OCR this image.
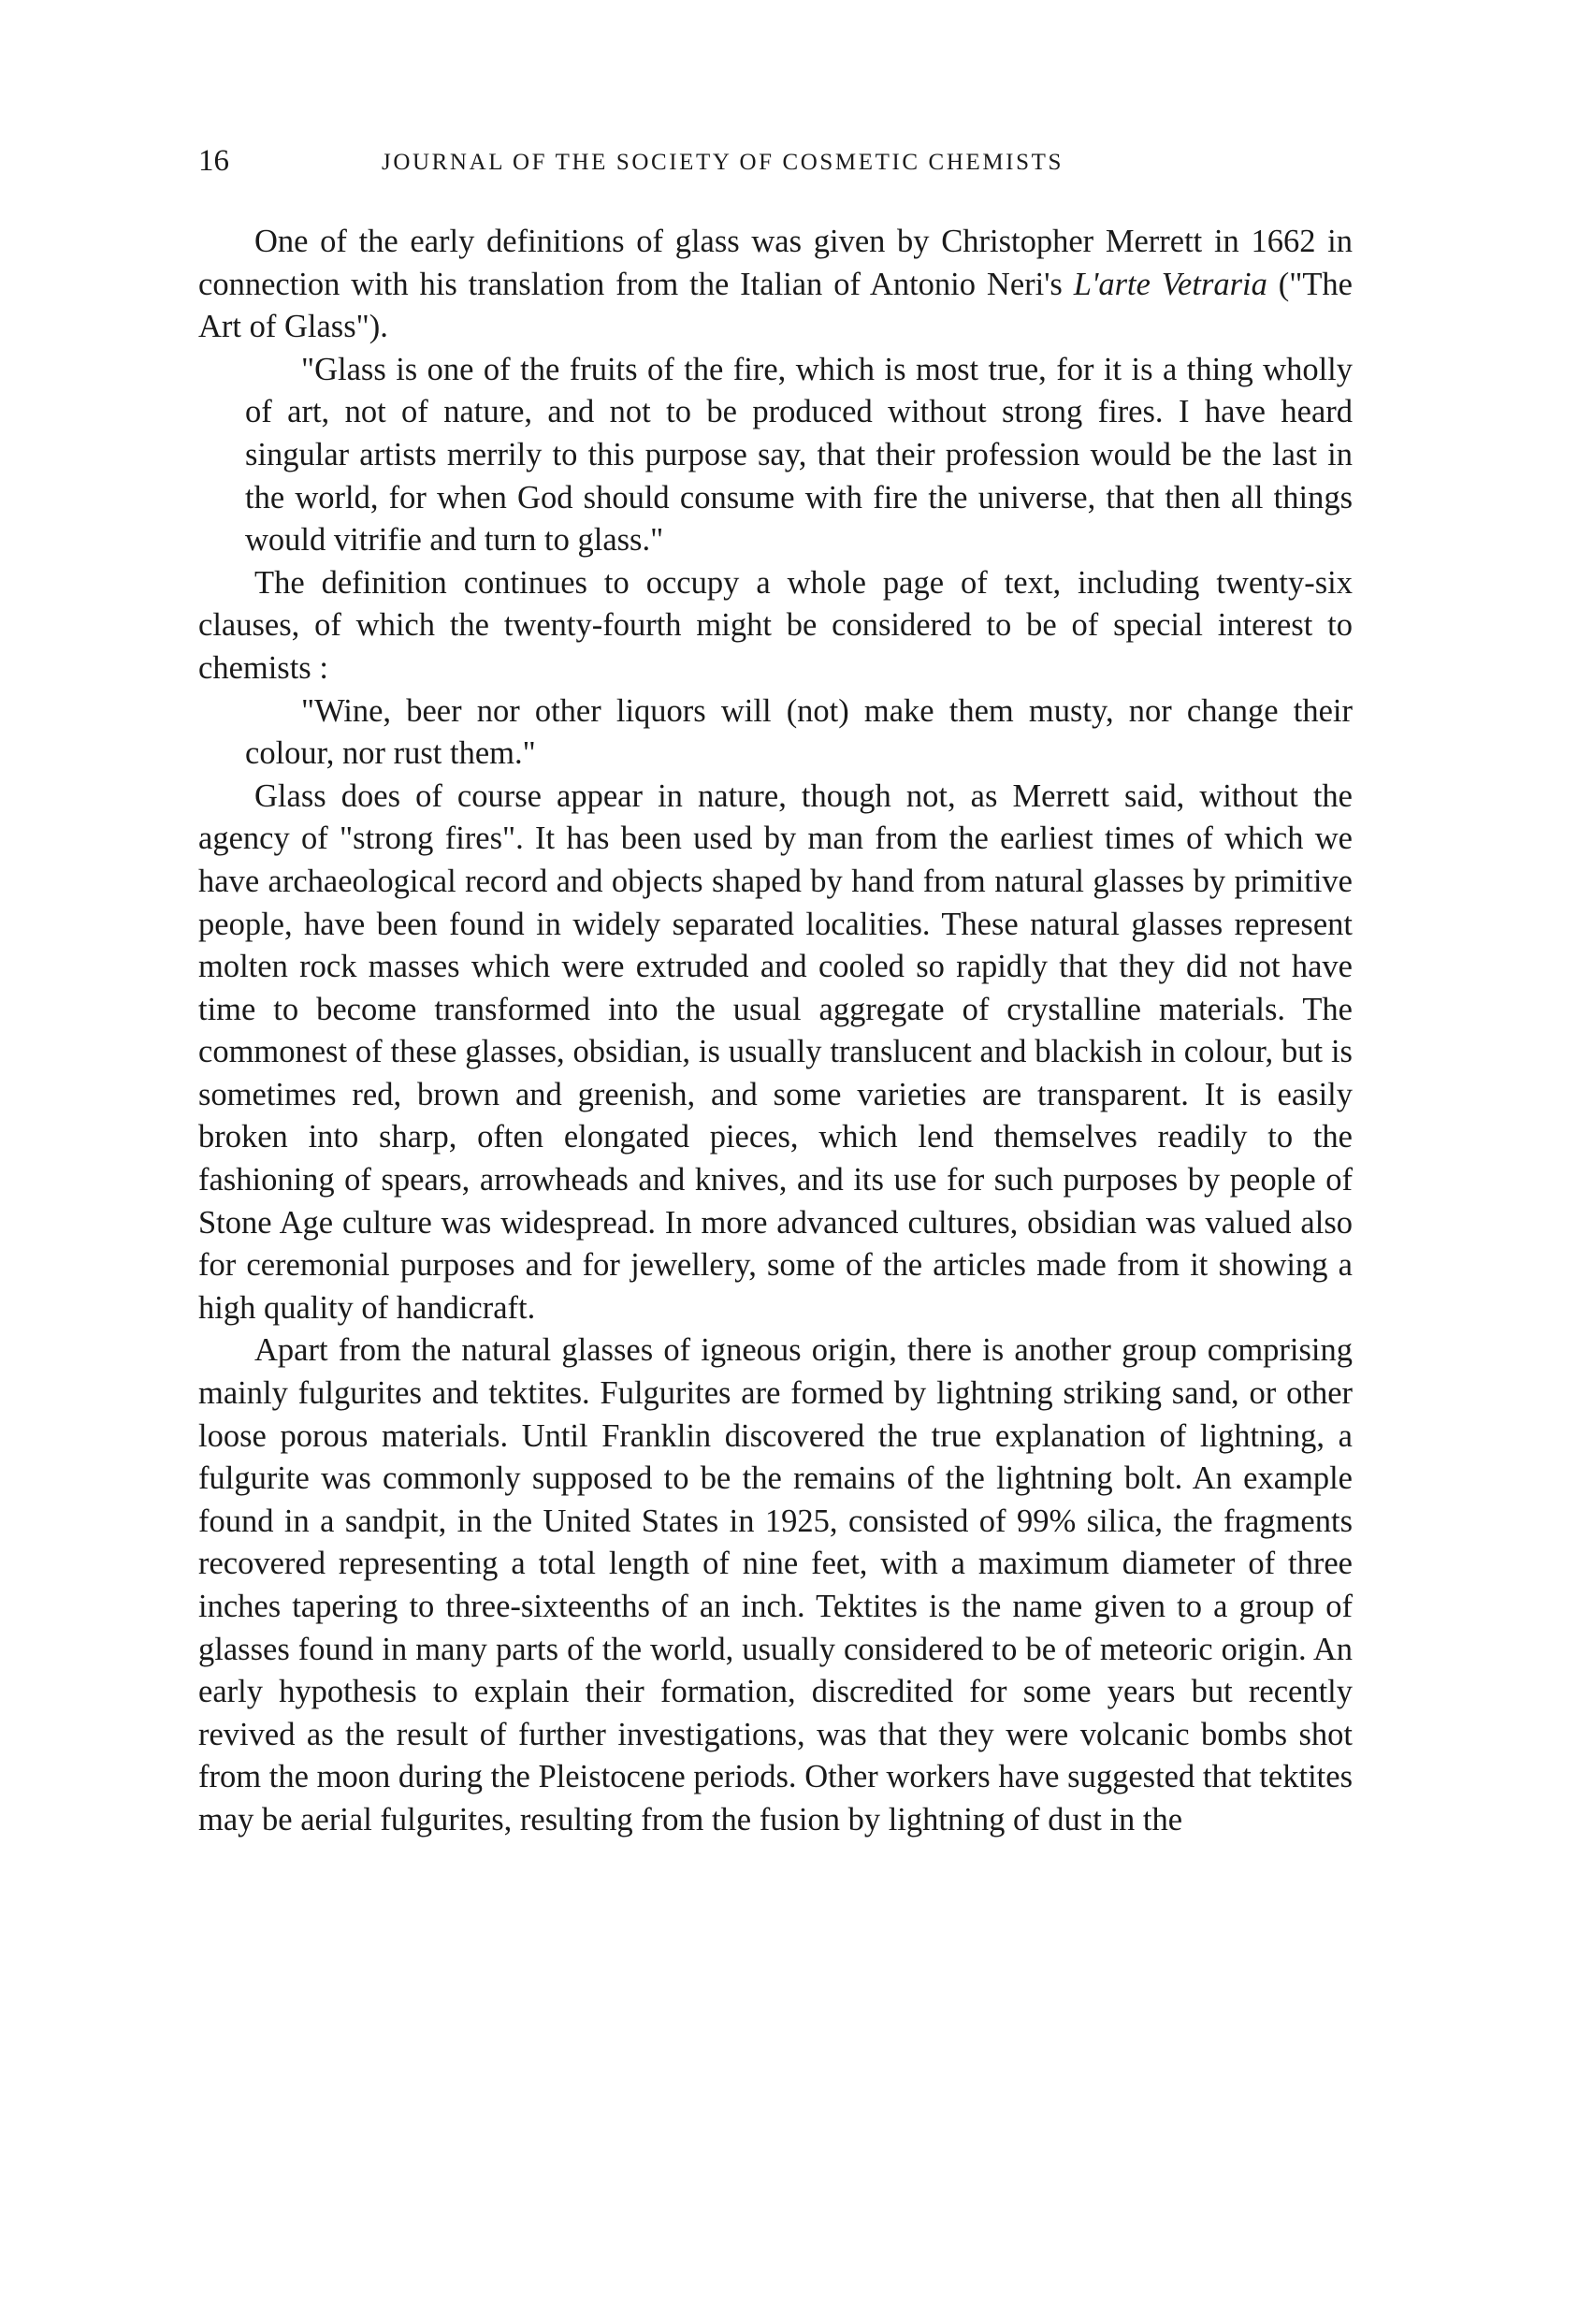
16	JOURNAL OF THE SOCIETY OF COSMETIC CHEMISTS

One of the early definitions of glass was given by Christopher Merrett in 1662 in connection with his translation from the Italian of Antonio Neri's L'arte Vetraria ("The Art of Glass").

"Glass is one of the fruits of the fire, which is most true, for it is a thing wholly of art, not of nature, and not to be produced without strong fires. I have heard singular artists merrily to this purpose say, that their profession would be the last in the world, for when God should consume with fire the universe, that then all things would vitrifie and turn to glass."

The definition continues to occupy a whole page of text, including twenty-six clauses, of which the twenty-fourth might be considered to be of special interest to chemists :

"Wine, beer nor other liquors will (not) make them musty, nor change their colour, nor rust them."

Glass does of course appear in nature, though not, as Merrett said, without the agency of "strong fires". It has been used by man from the earliest times of which we have archaeological record and objects shaped by hand from natural glasses by primitive people, have been found in widely separated localities. These natural glasses represent molten rock masses which were extruded and cooled so rapidly that they did not have time to become transformed into the usual aggregate of crystalline materials. The commonest of these glasses, obsidian, is usually translucent and blackish in colour, but is sometimes red, brown and greenish, and some varieties are transparent. It is easily broken into sharp, often elongated pieces, which lend themselves readily to the fashioning of spears, arrowheads and knives, and its use for such purposes by people of Stone Age culture was widespread. In more advanced cultures, obsidian was valued also for ceremonial purposes and for jewellery, some of the articles made from it showing a high quality of handicraft.

Apart from the natural glasses of igneous origin, there is another group comprising mainly fulgurites and tektites. Fulgurites are formed by lightning striking sand, or other loose porous materials. Until Franklin discovered the true explanation of lightning, a fulgurite was commonly supposed to be the remains of the lightning bolt. An example found in a sandpit, in the United States in 1925, consisted of 99% silica, the fragments recovered representing a total length of nine feet, with a maximum diameter of three inches tapering to three-sixteenths of an inch. Tektites is the name given to a group of glasses found in many parts of the world, usually considered to be of meteoric origin. An early hypothesis to explain their formation, discredited for some years but recently revived as the result of further investigations, was that they were volcanic bombs shot from the moon during the Pleistocene periods. Other workers have suggested that tektites may be aerial fulgurites, resulting from the fusion by lightning of dust in the
